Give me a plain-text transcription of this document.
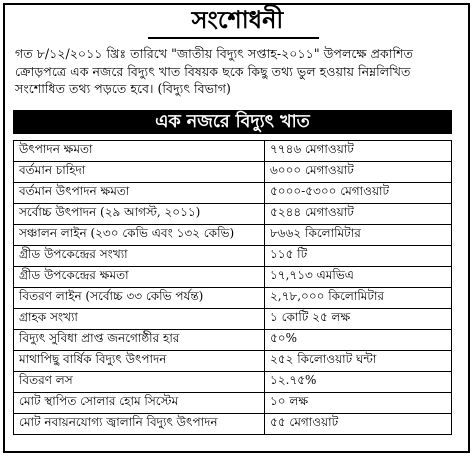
সংশোধনী
গত ৮/১২/২০১১ খ্রিঃ তারিখে "জাতীয় বিদ্যুৎ সপ্তাহ-২০১১" উপলক্ষে প্রকাশিত
ক্রোড়পত্রে এক নজরে বিদ্যুৎ খাত বিষয়ক ছকে কিছু তথ্য ভুল হওয়ায় নিম্নলিখিত
সংশোধিত তথ্য পড়তে হবে। (বিদ্যুৎ বিভাগ)
এক নজরে বিদ্যুৎ খাত
উৎপাদন ক্ষমতা	৭৭৪৬ মেগাওয়াট
বর্তমান চাহিদা	৬০০০ মেগাওয়াট
বর্তমান উৎপাদন ক্ষমতা	৫০০০-৫৩০০ মেগাওয়াট
সর্বোচ্চ উৎপাদন (২৯ আগস্ট, ২০১১)	৫২৪৪ মেগাওয়াট
সঞ্চালন লাইন (২৩০ কেভি এবং ১৩২ কেভি)	৮৬৬২ কিলোমিটার
গ্রীড উপকেন্দ্রের সংখ্যা	১১৫ টি
গ্রীড উপকেন্দ্রের ক্ষমতা	১৭,৭১৩ এমভিএ
বিতরণ লাইন (সর্বোচ্চ ৩৩ কেভি পর্যন্ত)	২,৭৮,০০০ কিলোমিটার
গ্রাহক সংখ্যা	১ কোটি ২৫ লক্ষ
বিদ্যুৎ সুবিধা প্রাপ্ত জনগোষ্ঠীর হার	৫০%
মাথাপিছু বার্ষিক বিদ্যুৎ উৎপাদন	২৫২ কিলোওয়াট ঘন্টা
বিতরণ লস	১২.৭৫%
মোট স্থাপিত সোলার হোম সিস্টেম	১০ লক্ষ
মোট নবায়নযোগ্য জ্বালানি বিদ্যুৎ উৎপাদন	৫৫ মেগাওয়াট
